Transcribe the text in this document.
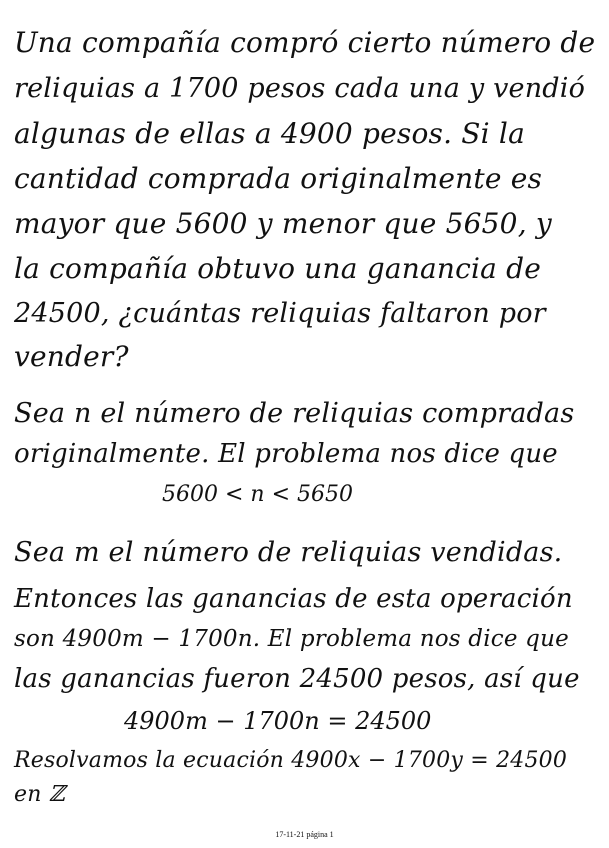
Una compañía compró cierto número de
reliquias a 1700 pesos cada una y vendió
algunas de ellas a 4900 pesos. Si la
cantidad comprada originalmente es
mayor que 5600 y menor que 5650, y
la compañía obtuvo una ganancia de
24500, ¿cuántas reliquias faltaron por
vender?
Sea n el número de reliquias compradas
originalmente. El problema nos dice que
5600 < n < 5650
Sea m el número de reliquias vendidas.
Entonces las ganancias de esta operación
son 4900m − 1700n. El problema nos dice que
las ganancias fueron 24500 pesos, así que
4900m − 1700n = 24500
Resolvamos la ecuación 4900x − 1700y = 24500
en ℤ
17-11-21 página 1
